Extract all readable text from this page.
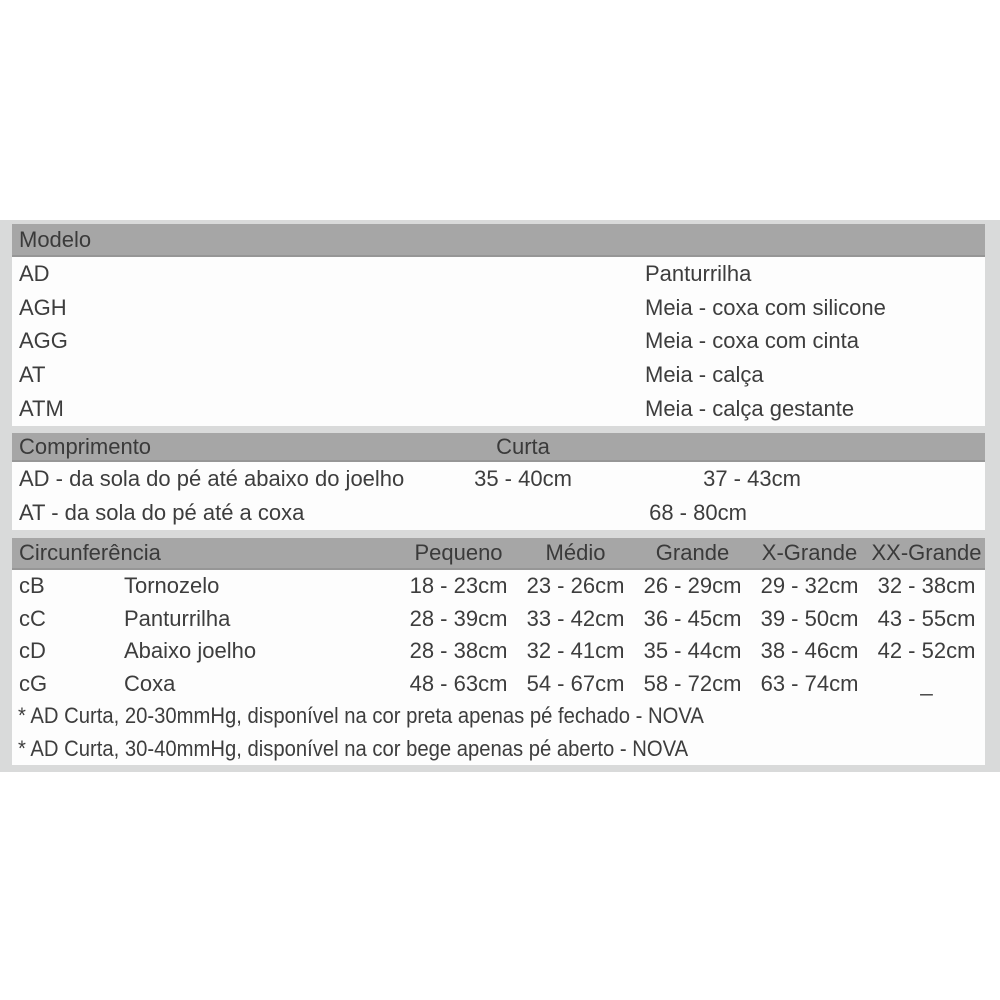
Modelo
AD	Panturrilha
AGH	Meia - coxa com silicone
AGG	Meia - coxa com cinta
AT	Meia - calça
ATM	Meia - calça gestante
Comprimento	Curta
AD - da sola do pé até abaixo do joelho	35 - 40cm	37 - 43cm
AT - da sola do pé até a coxa	68 - 80cm
Circunferência	Pequeno	Médio	Grande	X-Grande XX-Grande
cB	Tornozelo	18 - 23cm 23 - 26cm 26 - 29cm 29 - 32cm 32 - 38cm
cC	Panturrilha	28 - 39cm 33 - 42cm 36 - 45cm 39 - 50cm 43 - 55cm
cD	Abaixo joelho	28 - 38cm 32 - 41cm 35 - 44cm 38 - 46cm 42 - 52cm
cG	Coxa	48 - 63cm 54 - 67cm 58 - 72cm 63 - 74cm	_
* AD Curta, 20-30mmHg, disponível na cor preta apenas pé fechado - NOVA
* AD Curta, 30-40mmHg, disponível na cor bege apenas pé aberto - NOVA
